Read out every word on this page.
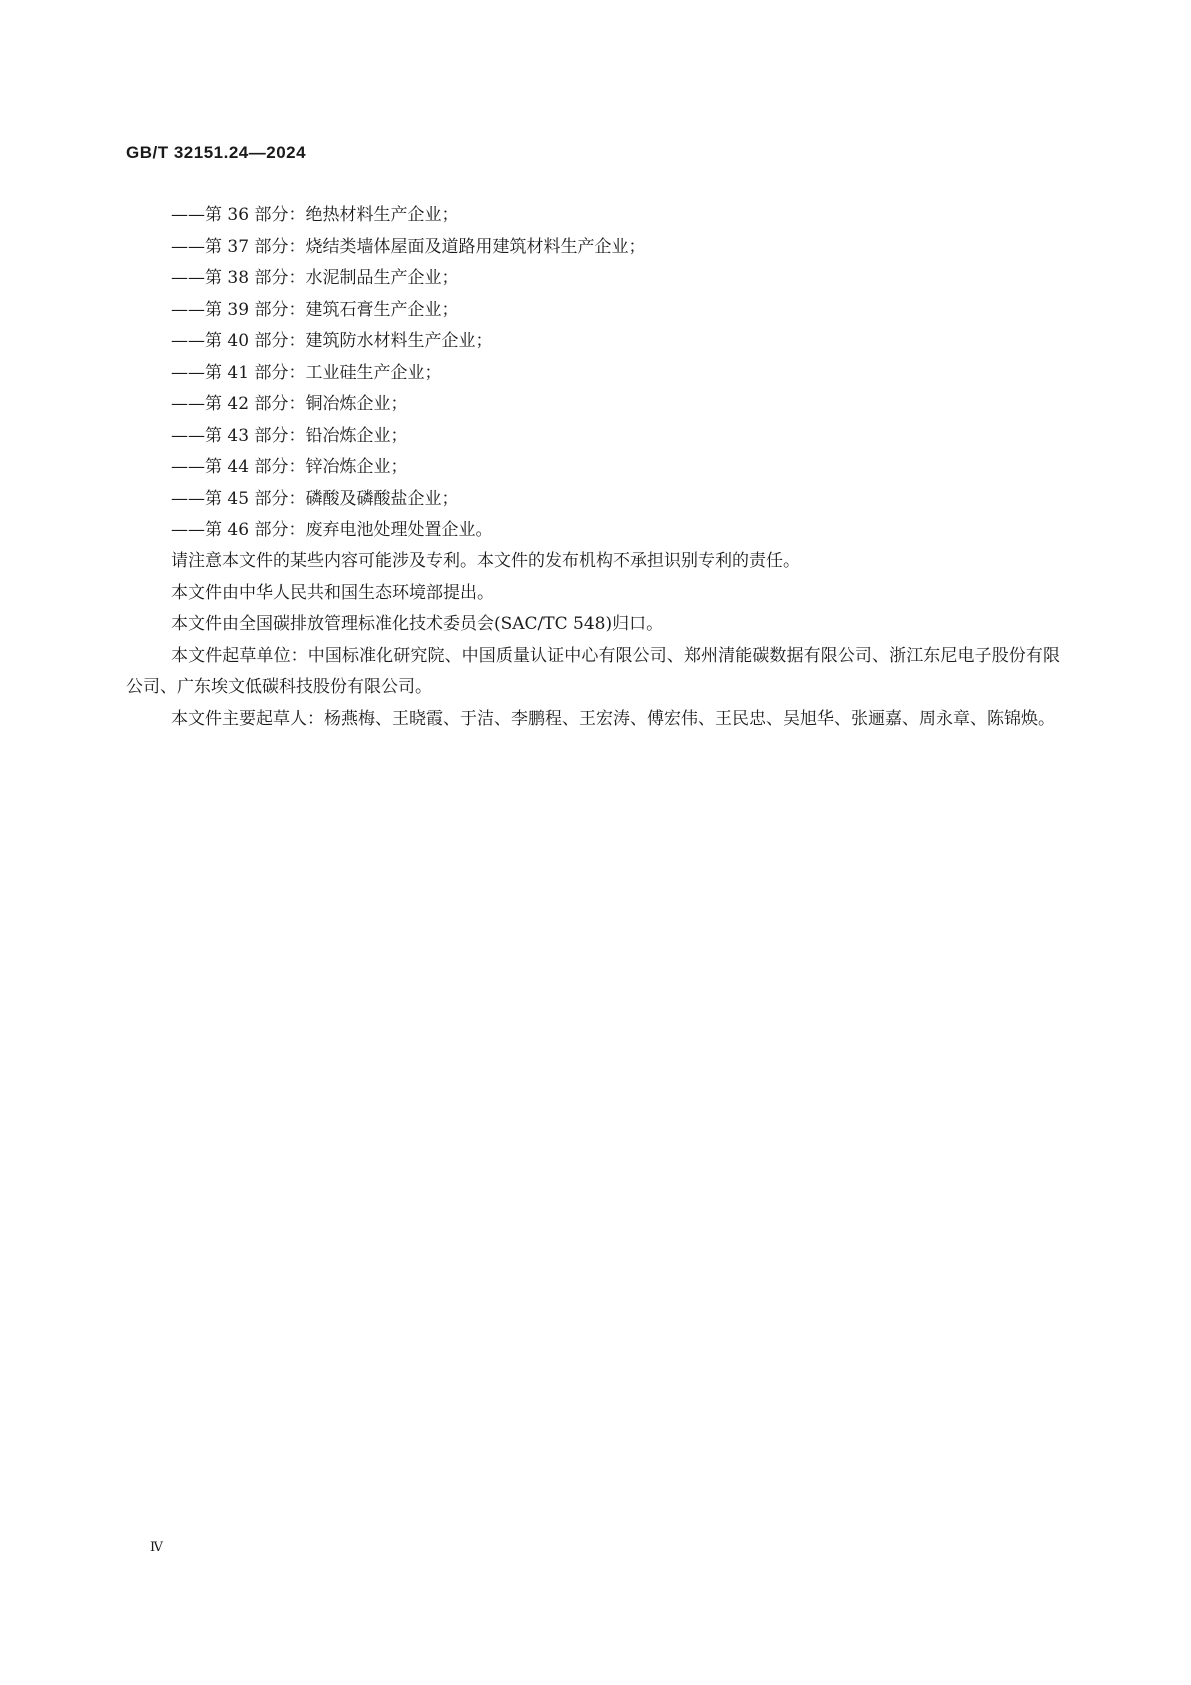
GB/T 32151.24—2024
——第 36 部分：绝热材料生产企业；
——第 37 部分：烧结类墙体屋面及道路用建筑材料生产企业；
——第 38 部分：水泥制品生产企业；
——第 39 部分：建筑石膏生产企业；
——第 40 部分：建筑防水材料生产企业；
——第 41 部分：工业硅生产企业；
——第 42 部分：铜冶炼企业；
——第 43 部分：铅冶炼企业；
——第 44 部分：锌冶炼企业；
——第 45 部分：磷酸及磷酸盐企业；
——第 46 部分：废弃电池处理处置企业。

请注意本文件的某些内容可能涉及专利。本文件的发布机构不承担识别专利的责任。

本文件由中华人民共和国生态环境部提出。

本文件由全国碳排放管理标准化技术委员会(SAC/TC 548)归口。

本文件起草单位：中国标准化研究院、中国质量认证中心有限公司、郑州清能碳数据有限公司、浙江东尼电子股份有限公司、广东埃文低碳科技股份有限公司。

本文件主要起草人：杨燕梅、王晓霞、于洁、李鹏程、王宏涛、傅宏伟、王民忠、吴旭华、张逦嘉、周永章、陈锦焕。

Ⅳ
